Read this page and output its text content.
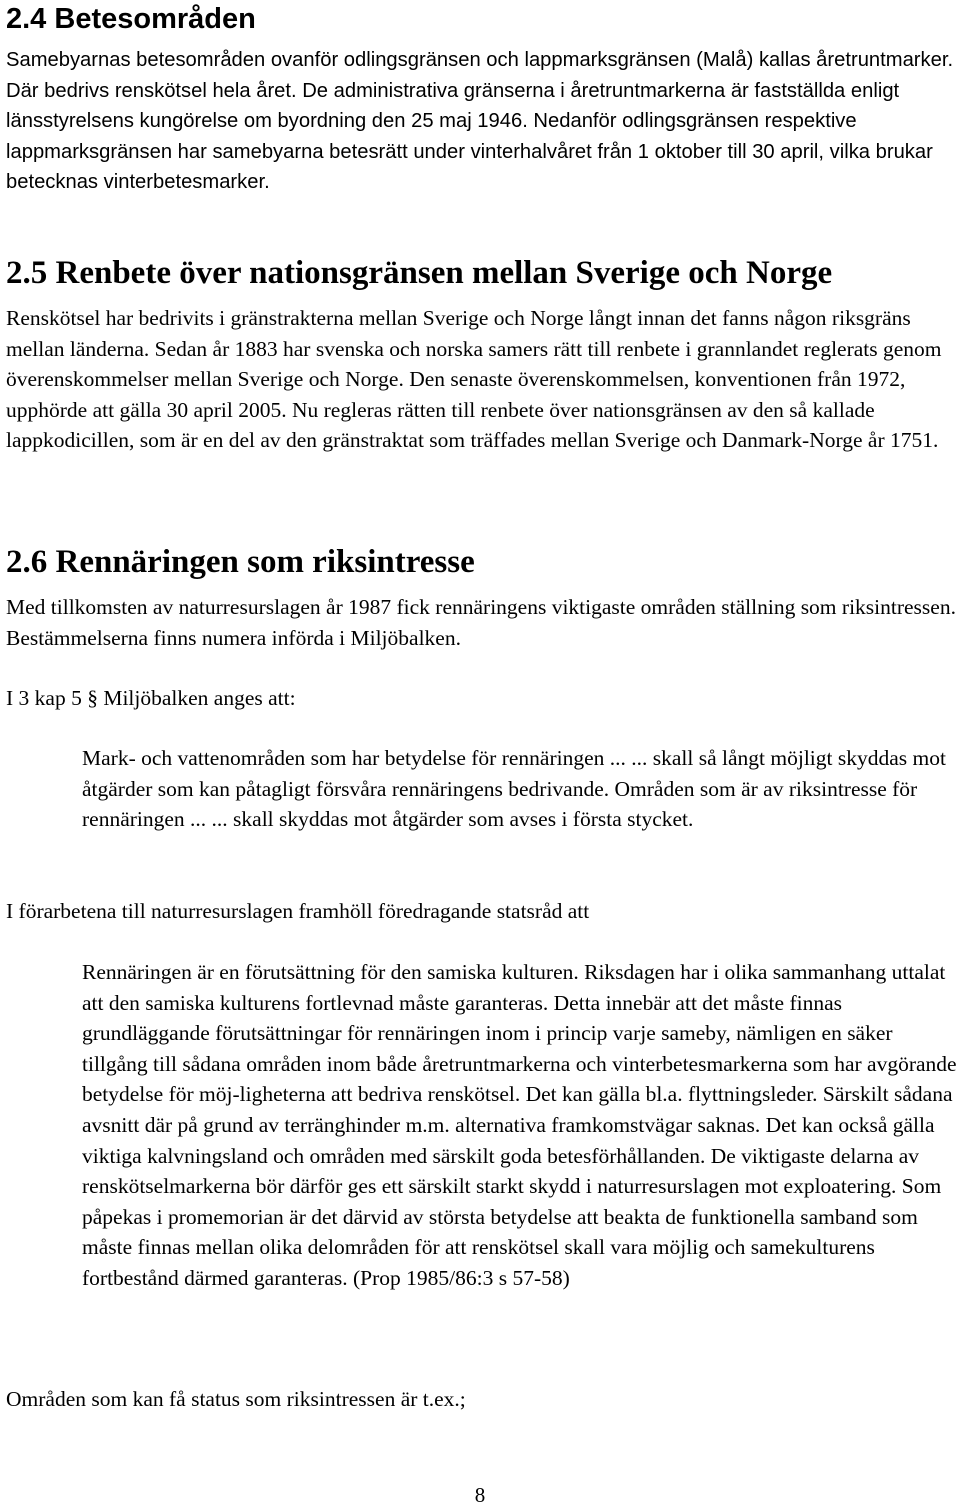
2.4 Betesområden

Samebyarnas betesområden ovanför odlingsgränsen och lappmarksgränsen (Malå) kallas åretruntmarker. Där bedrivs renskötsel hela året. De administrativa gränserna i åretruntmarkerna är fastställda enligt länsstyrelsens kungörelse om byordning den 25 maj 1946. Nedanför odlingsgränsen respektive lappmarksgränsen har samebyarna betesrätt under vinterhalvåret från 1 oktober till 30 april, vilka brukar betecknas vinterbetesmarker.

2.5 Renbete över nationsgränsen mellan Sverige och Norge

Renskötsel har bedrivits i gränstrakterna mellan Sverige och Norge långt innan det fanns någon riksgräns mellan länderna. Sedan år 1883 har svenska och norska samers rätt till renbete i grannlandet reglerats genom överenskommelser mellan Sverige och Norge. Den senaste överenskommelsen, konventionen från 1972, upphörde att gälla 30 april 2005. Nu regleras rätten till renbete över nationsgränsen av den så kallade lappkodicillen, som är en del av den gränstraktat som träffades mellan Sverige och Danmark-Norge år 1751.

2.6 Rennäringen som riksintresse

Med tillkomsten av naturresurslagen år 1987 fick rennäringens viktigaste områden ställning som riksintressen. Bestämmelserna finns numera införda i Miljöbalken.

I 3 kap 5 § Miljöbalken anges att:

Mark- och vattenområden som har betydelse för rennäringen ... ... skall så långt möjligt skyddas mot åtgärder som kan påtagligt försvåra rennäringens bedrivande. Områden som är av riksintresse för rennäringen ... ... skall skyddas mot åtgärder som avses i första stycket.

I förarbetena till naturresurslagen framhöll föredragande statsråd att

Rennäringen är en förutsättning för den samiska kulturen. Riksdagen har i olika sammanhang uttalat att den samiska kulturens fortlevnad måste garanteras. Detta innebär att det måste finnas grundläggande förutsättningar för rennäringen inom i princip varje sameby, nämligen en säker tillgång till sådana områden inom både åretruntmarkerna och vinterbetesmarkerna som har avgörande betydelse för möj-ligheterna att bedriva renskötsel. Det kan gälla bl.a. flyttningsleder. Särskilt sådana avsnitt där på grund av terränghinder m.m. alternativa framkomstvägar saknas. Det kan också gälla viktiga kalvningsland och områden med särskilt goda betesförhållanden. De viktigaste delarna av renskötselmarkerna bör därför ges ett särskilt starkt skydd i naturresurslagen mot exploatering. Som påpekas i promemorian är det därvid av största betydelse att beakta de funktionella samband som måste finnas mellan olika delområden för att renskötsel skall vara möjlig och samekulturens fortbestånd därmed garanteras. (Prop 1985/86:3 s 57-58)

Områden som kan få status som riksintressen är t.ex.;

8
